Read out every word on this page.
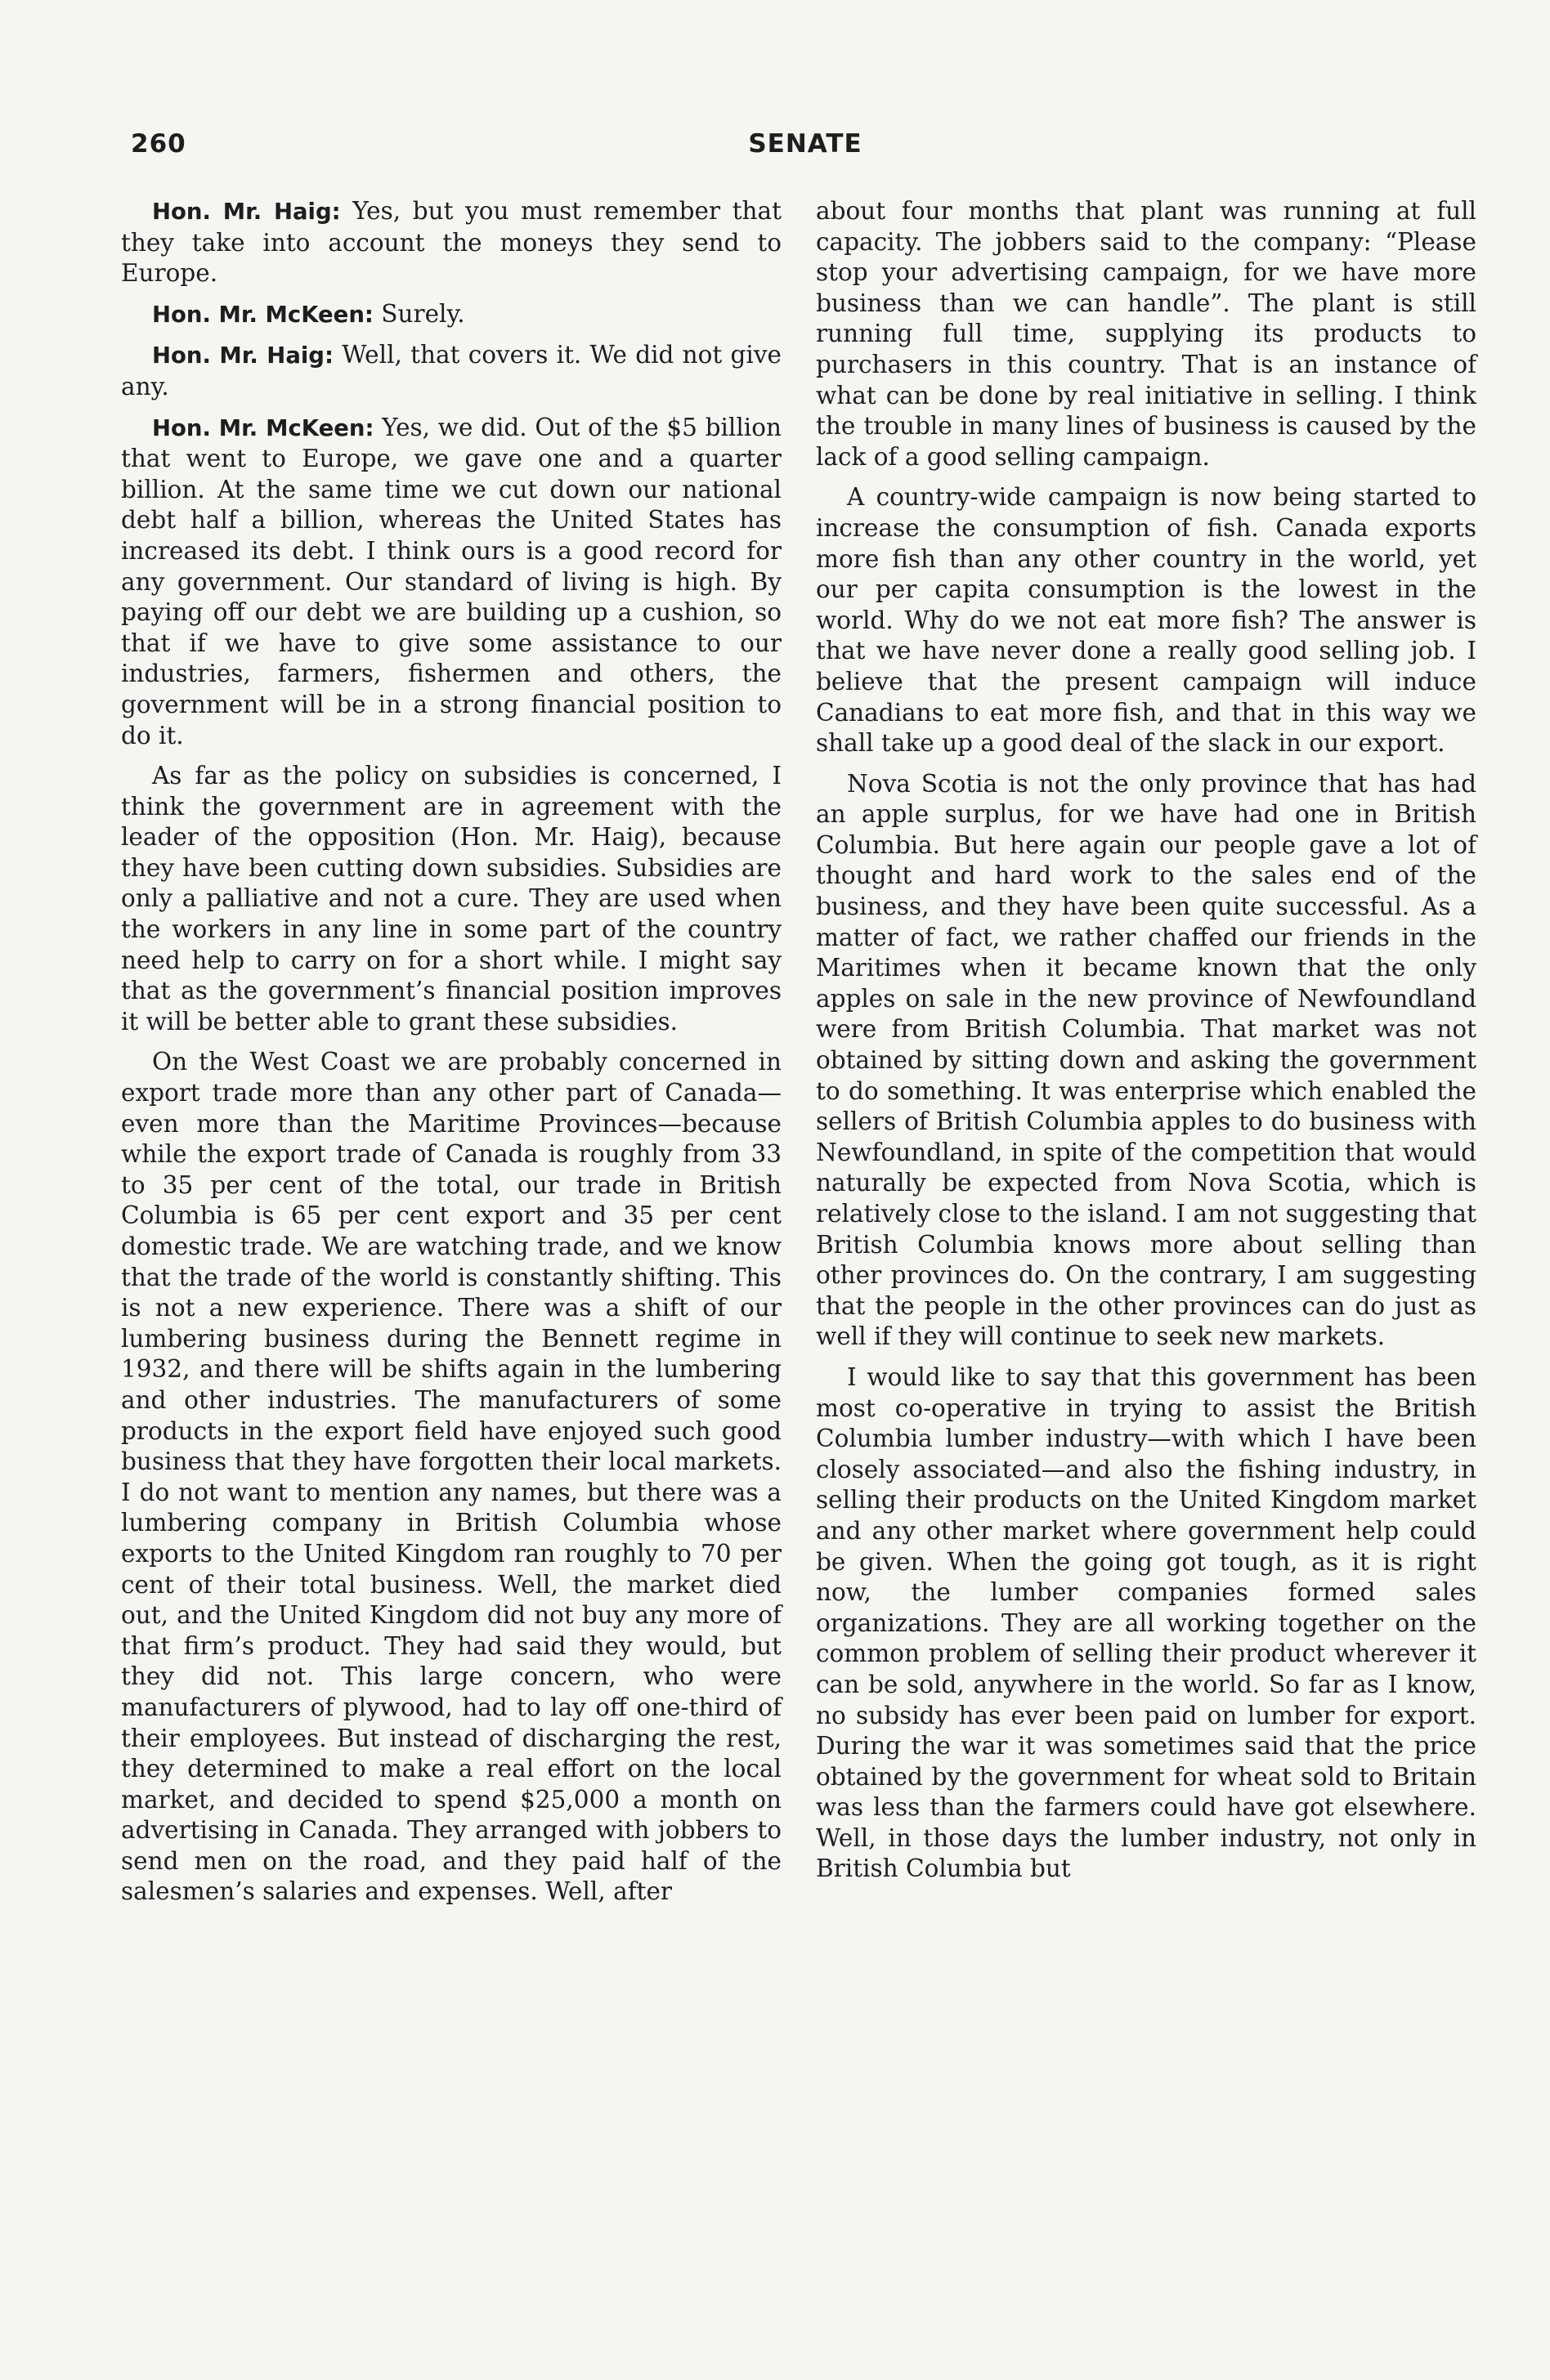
260	SENATE

Hon. Mr. Haig: Yes, but you must remember that they take into account the moneys they send to Europe.

Hon. Mr. McKeen: Surely.

Hon. Mr. Haig: Well, that covers it. We did not give any.

Hon. Mr. McKeen: Yes, we did. Out of the $5 billion that went to Europe, we gave one and a quarter billion. At the same time we cut down our national debt half a billion, whereas the United States has increased its debt. I think ours is a good record for any government. Our standard of living is high. By paying off our debt we are building up a cushion, so that if we have to give some assistance to our industries, farmers, fishermen and others, the government will be in a strong financial position to do it.

As far as the policy on subsidies is concerned, I think the government are in agreement with the leader of the opposition (Hon. Mr. Haig), because they have been cutting down subsidies. Subsidies are only a palliative and not a cure. They are used when the workers in any line in some part of the country need help to carry on for a short while. I might say that as the government’s financial position improves it will be better able to grant these subsidies.

On the West Coast we are probably concerned in export trade more than any other part of Canada—even more than the Maritime Provinces—because while the export trade of Canada is roughly from 33 to 35 per cent of the total, our trade in British Columbia is 65 per cent export and 35 per cent domestic trade. We are watching trade, and we know that the trade of the world is constantly shifting. This is not a new experience. There was a shift of our lumbering business during the Bennett regime in 1932, and there will be shifts again in the lumbering and other industries. The manufacturers of some products in the export field have enjoyed such good business that they have forgotten their local markets. I do not want to mention any names, but there was a lumbering company in British Columbia whose exports to the United Kingdom ran roughly to 70 per cent of their total business. Well, the market died out, and the United Kingdom did not buy any more of that firm’s product. They had said they would, but they did not. This large concern, who were manufacturers of plywood, had to lay off one-third of their employees. But instead of discharging the rest, they determined to make a real effort on the local market, and decided to spend $25,000 a month on advertising in Canada. They arranged with jobbers to send men on the road, and they paid half of the salesmen’s salaries and expenses. Well, after

about four months that plant was running at full capacity. The jobbers said to the company: “Please stop your advertising campaign, for we have more business than we can handle”. The plant is still running full time, supplying its products to purchasers in this country. That is an instance of what can be done by real initiative in selling. I think the trouble in many lines of business is caused by the lack of a good selling campaign.

A country-wide campaign is now being started to increase the consumption of fish. Canada exports more fish than any other country in the world, yet our per capita consumption is the lowest in the world. Why do we not eat more fish? The answer is that we have never done a really good selling job. I believe that the present campaign will induce Canadians to eat more fish, and that in this way we shall take up a good deal of the slack in our export.

Nova Scotia is not the only province that has had an apple surplus, for we have had one in British Columbia. But here again our people gave a lot of thought and hard work to the sales end of the business, and they have been quite successful. As a matter of fact, we rather chaffed our friends in the Maritimes when it became known that the only apples on sale in the new province of Newfoundland were from British Columbia. That market was not obtained by sitting down and asking the government to do something. It was enterprise which enabled the sellers of British Columbia apples to do business with Newfoundland, in spite of the competition that would naturally be expected from Nova Scotia, which is relatively close to the island. I am not suggesting that British Columbia knows more about selling than other provinces do. On the contrary, I am suggesting that the people in the other provinces can do just as well if they will continue to seek new markets.

I would like to say that this government has been most co-operative in trying to assist the British Columbia lumber industry—with which I have been closely associated—and also the fishing industry, in selling their products on the United Kingdom market and any other market where government help could be given. When the going got tough, as it is right now, the lumber companies formed sales organizations. They are all working together on the common problem of selling their product wherever it can be sold, anywhere in the world. So far as I know, no subsidy has ever been paid on lumber for export. During the war it was sometimes said that the price obtained by the government for wheat sold to Britain was less than the farmers could have got elsewhere. Well, in those days the lumber industry, not only in British Columbia but
